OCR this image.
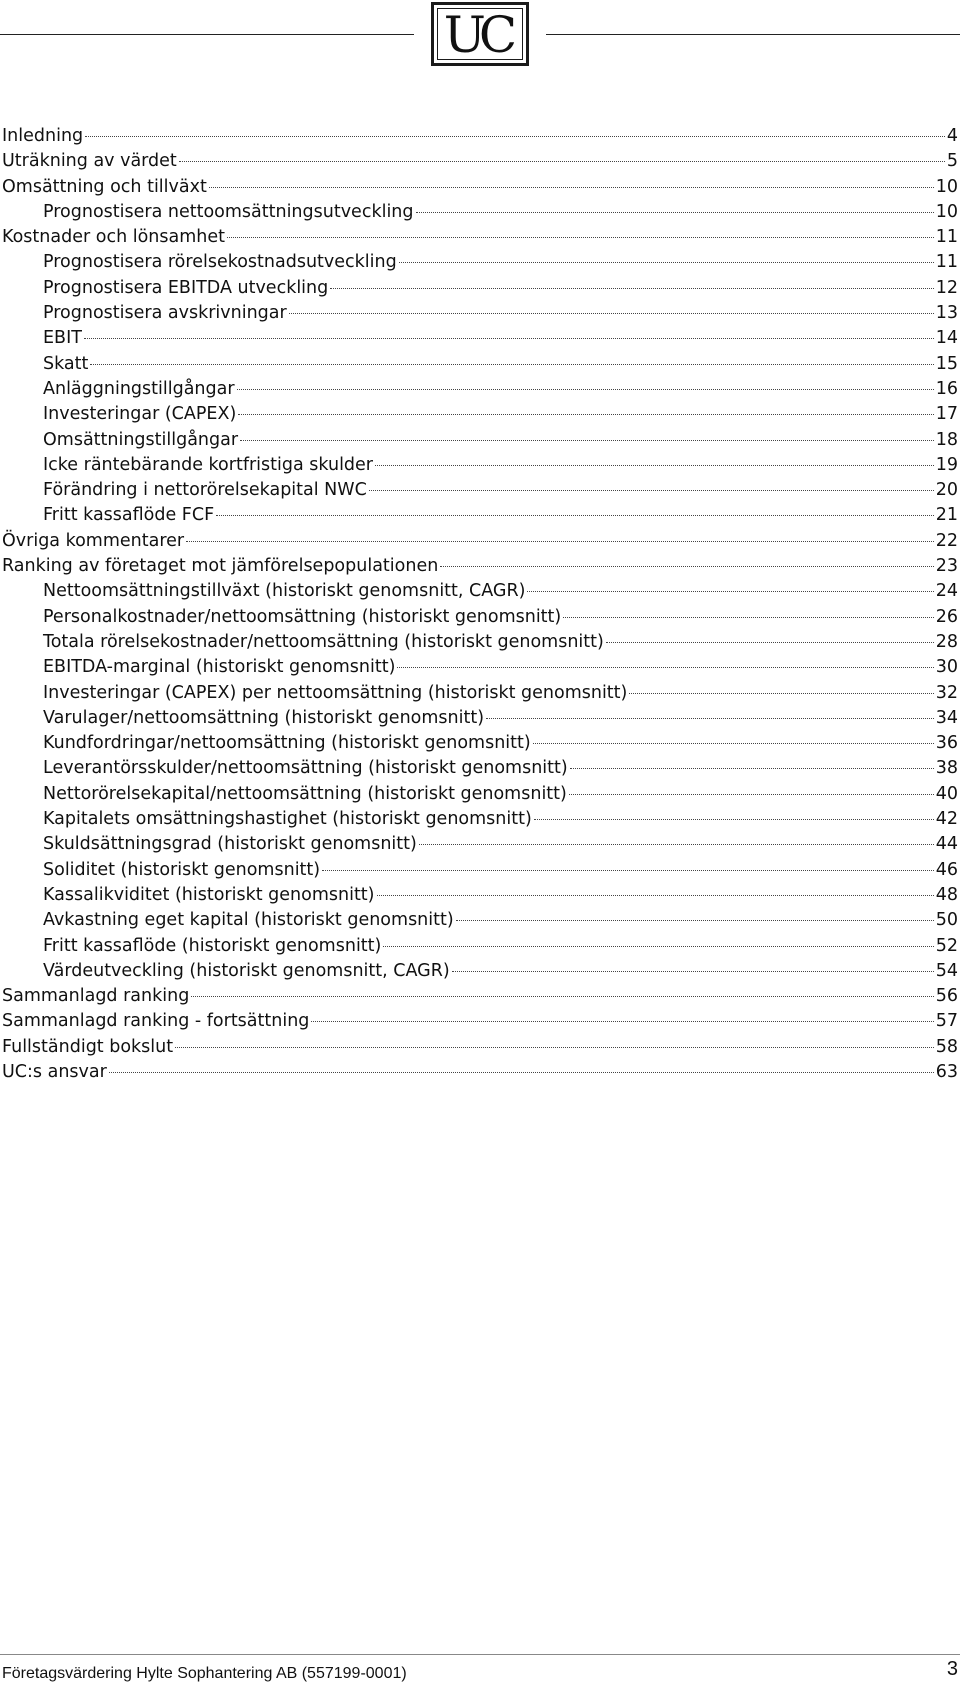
UC
Inledning	4
Uträkning av värdet	5
Omsättning och tillväxt	10
Prognostisera nettoomsättningsutveckling	10
Kostnader och lönsamhet	11
Prognostisera rörelsekostnadsutveckling	11
Prognostisera EBITDA utveckling	12
Prognostisera avskrivningar	13
EBIT	14
Skatt	15
Anläggningstillgångar	16
Investeringar (CAPEX)	17
Omsättningstillgångar	18
Icke räntebärande kortfristiga skulder	19
Förändring i nettorörelsekapital NWC	20
Fritt kassaflöde FCF	21
Övriga kommentarer	22
Ranking av företaget mot jämförelsepopulationen	23
Nettoomsättningstillväxt (historiskt genomsnitt, CAGR)	24
Personalkostnader/nettoomsättning (historiskt genomsnitt)	26
Totala rörelsekostnader/nettoomsättning (historiskt genomsnitt)	28
EBITDA-marginal (historiskt genomsnitt)	30
Investeringar (CAPEX) per nettoomsättning (historiskt genomsnitt)	32
Varulager/nettoomsättning (historiskt genomsnitt)	34
Kundfordringar/nettoomsättning (historiskt genomsnitt)	36
Leverantörsskulder/nettoomsättning (historiskt genomsnitt)	38
Nettorörelsekapital/nettoomsättning (historiskt genomsnitt)	40
Kapitalets omsättningshastighet (historiskt genomsnitt)	42
Skuldsättningsgrad (historiskt genomsnitt)	44
Soliditet (historiskt genomsnitt)	46
Kassalikviditet (historiskt genomsnitt)	48
Avkastning eget kapital (historiskt genomsnitt)	50
Fritt kassaflöde (historiskt genomsnitt)	52
Värdeutveckling (historiskt genomsnitt, CAGR)	54
Sammanlagd ranking	56
Sammanlagd ranking - fortsättning	57
Fullständigt bokslut	58
UC:s ansvar	63
Företagsvärdering Hylte Sophantering AB (557199-0001)	3
